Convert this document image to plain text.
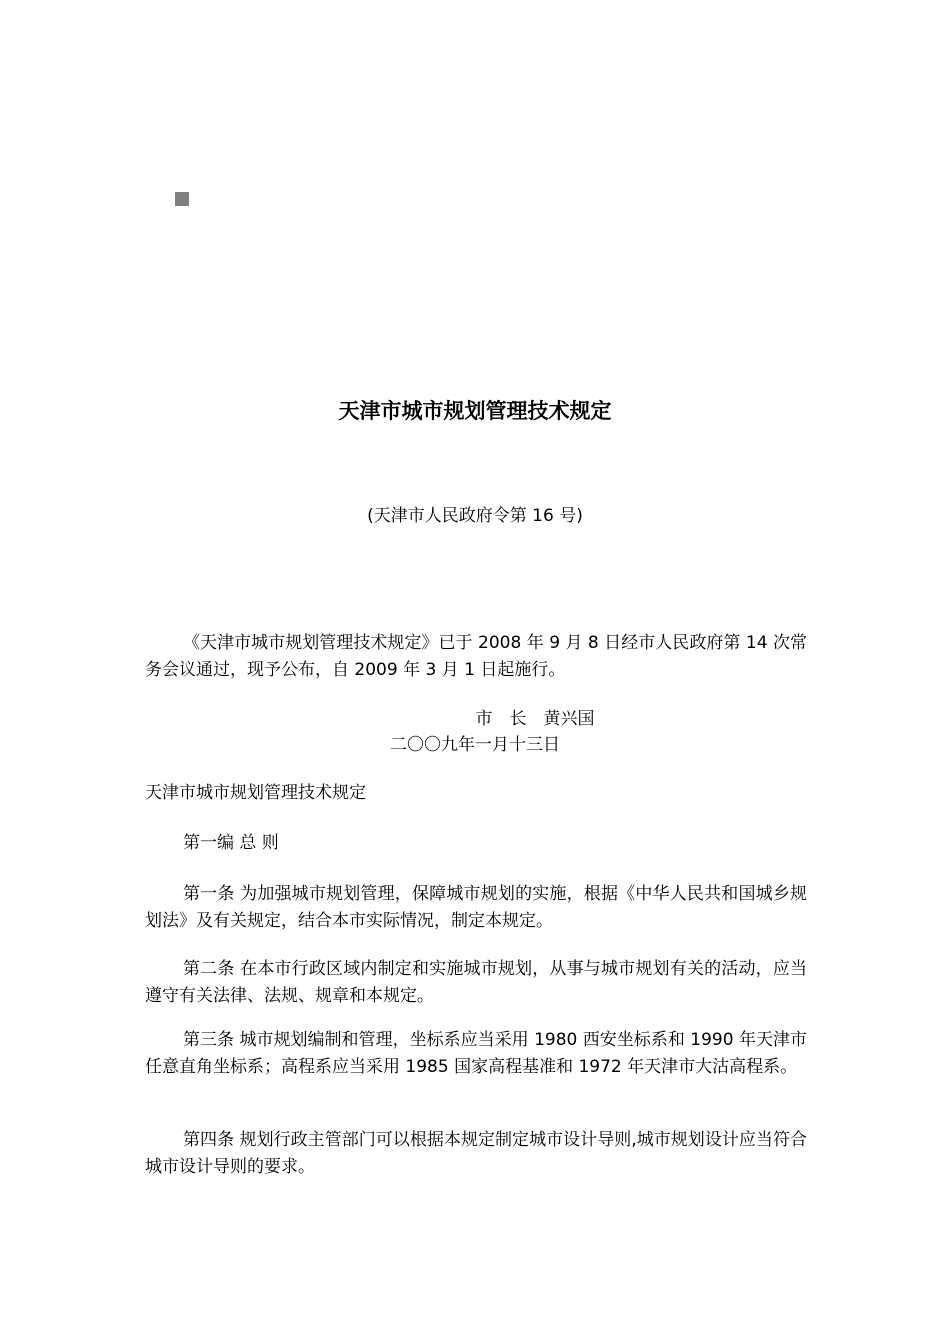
天津市城市规划管理技术规定
(天津市人民政府令第 16 号)
《天津市城市规划管理技术规定》已于 2008 年 9 月 8 日经市人民政府第 14 次常务会议通过，现予公布，自 2009 年 3 月 1 日起施行。
市　长　黄兴国
二〇〇九年一月十三日
天津市城市规划管理技术规定
第一编 总 则
第一条 为加强城市规划管理，保障城市规划的实施，根据《中华人民共和国城乡规划法》及有关规定，结合本市实际情况，制定本规定。
第二条 在本市行政区域内制定和实施城市规划，从事与城市规划有关的活动，应当遵守有关法律、法规、规章和本规定。
第三条 城市规划编制和管理，坐标系应当采用 1980 西安坐标系和 1990 年天津市任意直角坐标系；高程系应当采用 1985 国家高程基准和 1972 年天津市大沽高程系。
第四条 规划行政主管部门可以根据本规定制定城市设计导则,城市规划设计应当符合城市设计导则的要求。
